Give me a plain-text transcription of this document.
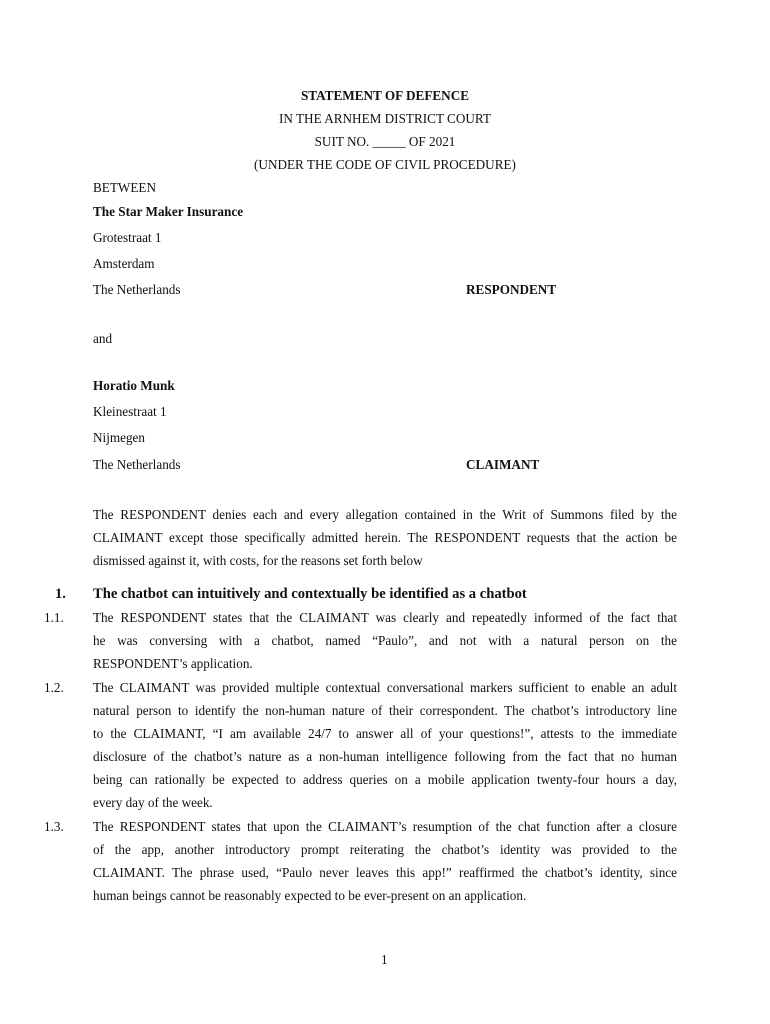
STATEMENT OF DEFENCE
IN THE ARNHEM DISTRICT COURT
SUIT NO. _____ OF 2021
(UNDER THE CODE OF CIVIL PROCEDURE)
BETWEEN
The Star Maker Insurance
Grotestraat 1
Amsterdam
The Netherlands	RESPONDENT
and
Horatio Munk
Kleinestraat 1
Nijmegen
The Netherlands	CLAIMANT
The RESPONDENT denies each and every allegation contained in the Writ of Summons filed by the
CLAIMANT except those specifically admitted herein. The RESPONDENT requests that the action be
dismissed against it, with costs, for the reasons set forth below
1. The chatbot can intuitively and contextually be identified as a chatbot
1.1. The RESPONDENT states that the CLAIMANT was clearly and repeatedly informed of the fact that
he was conversing with a chatbot, named “Paulo”, and not with a natural person on the
RESPONDENT’s application.
1.2. The CLAIMANT was provided multiple contextual conversational markers sufficient to enable an adult
natural person to identify the non-human nature of their correspondent. The chatbot’s introductory line
to the CLAIMANT, “I am available 24/7 to answer all of your questions!”, attests to the immediate
disclosure of the chatbot’s nature as a non-human intelligence following from the fact that no human
being can rationally be expected to address queries on a mobile application twenty-four hours a day,
every day of the week.
1.3. The RESPONDENT states that upon the CLAIMANT’s resumption of the chat function after a closure
of the app, another introductory prompt reiterating the chatbot’s identity was provided to the
CLAIMANT. The phrase used, “Paulo never leaves this app!” reaffirmed the chatbot’s identity, since
human beings cannot be reasonably expected to be ever-present on an application.
1
